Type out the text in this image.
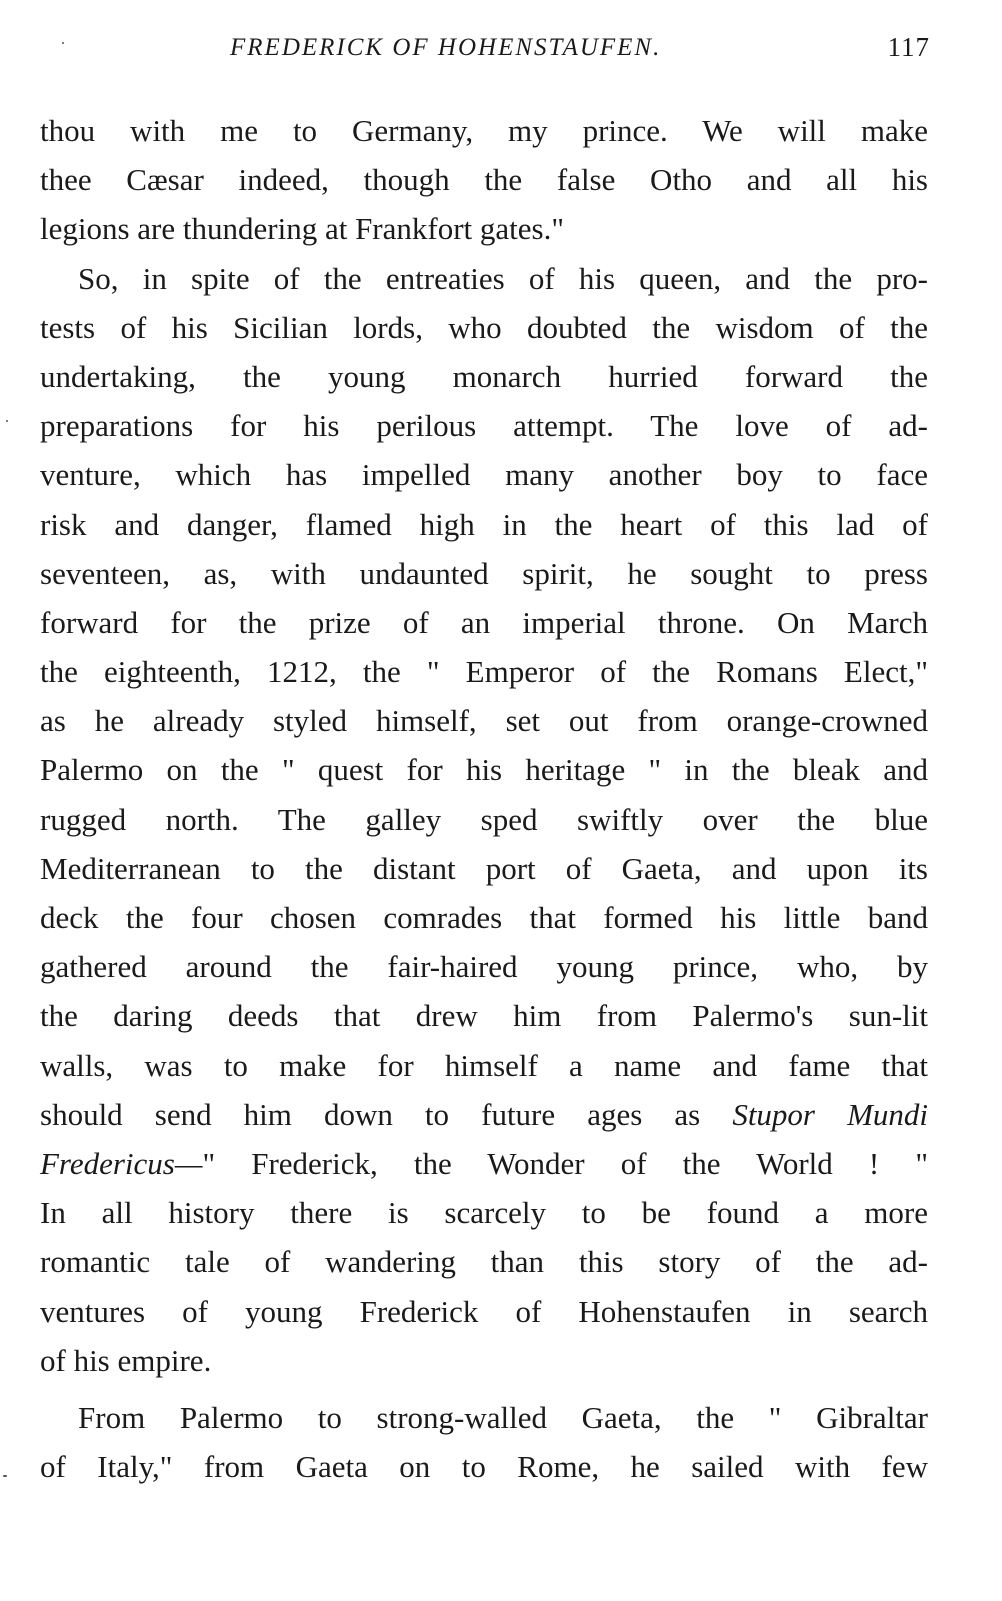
FREDERICK OF HOHENSTAUFEN.	117
thou with me to Germany, my prince. We will make
thee Cæsar indeed, though the false Otho and all his
legions are thundering at Frankfort gates."
So, in spite of the entreaties of his queen, and the pro-
tests of his Sicilian lords, who doubted the wisdom of the
undertaking, the young monarch hurried forward the
preparations for his perilous attempt. The love of ad-
venture, which has impelled many another boy to face
risk and danger, flamed high in the heart of this lad of
seventeen, as, with undaunted spirit, he sought to press
forward for the prize of an imperial throne. On March
the eighteenth, 1212, the " Emperor of the Romans Elect,"
as he already styled himself, set out from orange-crowned
Palermo on the " quest for his heritage " in the bleak and
rugged north. The galley sped swiftly over the blue
Mediterranean to the distant port of Gaeta, and upon its
deck the four chosen comrades that formed his little band
gathered around the fair-haired young prince, who, by
the daring deeds that drew him from Palermo's sun-lit
walls, was to make for himself a name and fame that
should send him down to future ages as Stupor Mundi
Fredericus—" Frederick, the Wonder of the World ! "
In all history there is scarcely to be found a more
romantic tale of wandering than this story of the ad-
ventures of young Frederick of Hohenstaufen in search
of his empire.
From Palermo to strong-walled Gaeta, the " Gibraltar
of Italy," from Gaeta on to Rome, he sailed with few
